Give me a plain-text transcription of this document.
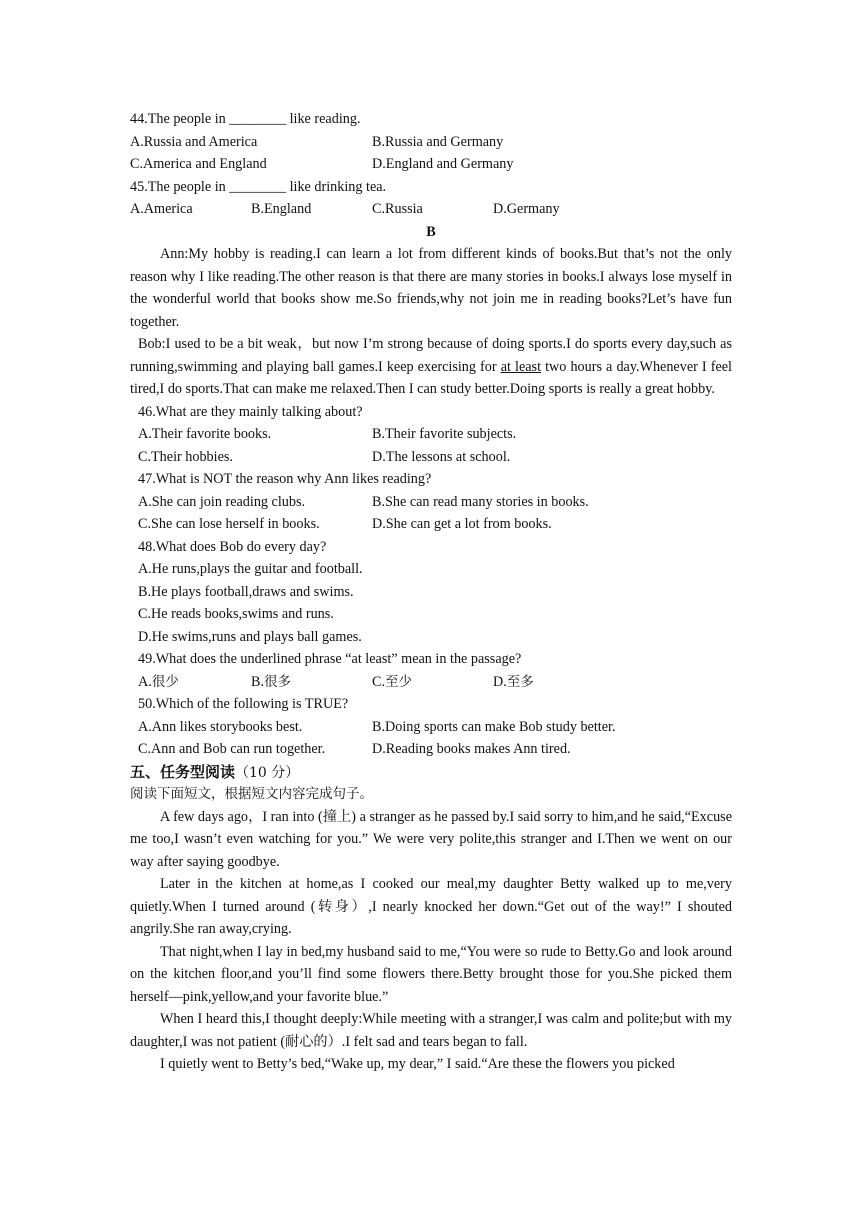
44.The people in ________ like reading.
A.Russia and America	B.Russia and Germany
C.America and England	D.England and Germany
45.The people in ________ like drinking tea.
A.America	B.England	C.Russia	D.Germany
B
Ann:My hobby is reading.I can learn a lot from different kinds of books.But that’s not the only reason why I like reading.The other reason is that there are many stories in books.I always lose myself in the wonderful world that books show me.So friends,why not join me in reading books?Let’s have fun together.
Bob:I used to be a bit weak，but now I’m strong because of doing sports.I do sports every day,such as running,swimming and playing ball games.I keep exercising for at least two hours a day.Whenever I feel tired,I do sports.That can make me relaxed.Then I can study better.Doing sports is really a great hobby.
46.What are they mainly talking about?
A.Their favorite books.	B.Their favorite subjects.
C.Their hobbies.	D.The lessons at school.
47.What is NOT the reason why Ann likes reading?
A.She can join reading clubs.	B.She can read many stories in books.
C.She can lose herself in books.	D.She can get a lot from books.
48.What does Bob do every day?
A.He runs,plays the guitar and football.
B.He plays football,draws and swims.
C.He reads books,swims and runs.
D.He swims,runs and plays ball games.
49.What does the underlined phrase “at least” mean in the passage?
A.很少	B.很多	C.至少	D.至多
50.Which of the following is TRUE?
A.Ann likes storybooks best.	B.Doing sports can make Bob study better.
C.Ann and Bob can run together.	D.Reading books makes Ann tired.
五、任务型阅读（10 分）
阅读下面短文，根据短文内容完成句子。
A few days ago，I ran into (撞上) a stranger as he passed by.I said sorry to him,and he said,“Excuse me too,I wasn’t even watching for you.” We were very polite,this stranger and I.Then we went on our way after saying goodbye.
Later in the kitchen at home,as I cooked our meal,my daughter Betty walked up to me,very quietly.When I turned around (转身）,I nearly knocked her down.“Get out of the way!” I shouted angrily.She ran away,crying.
That night,when I lay in bed,my husband said to me,“You were so rude to Betty.Go and look around on the kitchen floor,and you’ll find some flowers there.Betty brought those for you.She picked them herself—pink,yellow,and your favorite blue.”
When I heard this,I thought deeply:While meeting with a stranger,I was calm and polite;but with my daughter,I was not patient (耐心的）.I felt sad and tears began to fall.
I quietly went to Betty’s bed,“Wake up, my dear,” I said.“Are these the flowers you picked
